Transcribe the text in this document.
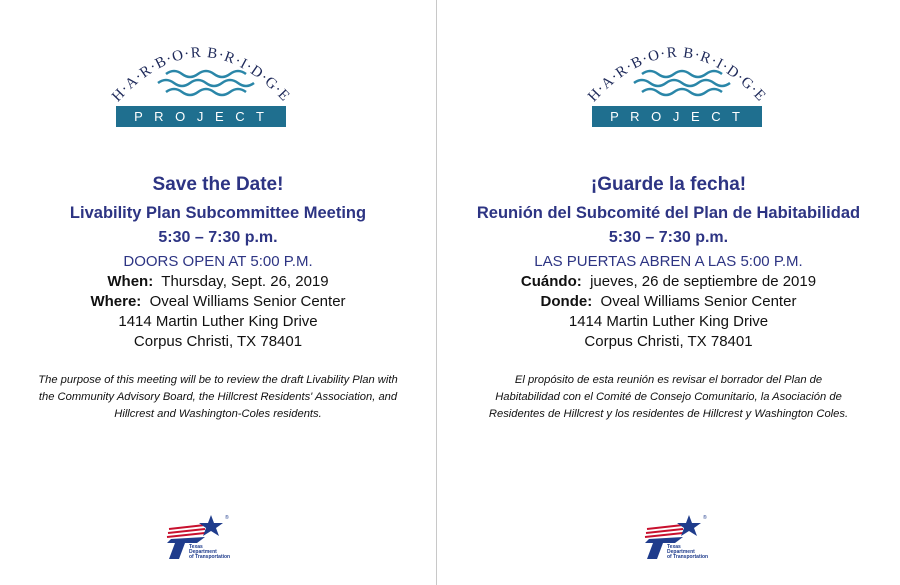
H·A·R·B·O·R B·R·I·D·G·E
P R O J E C T
Save the Date!
Livability Plan Subcommittee Meeting
5:30 – 7:30 p.m.
DOORS OPEN AT 5:00 P.M.
When: Thursday, Sept. 26, 2019
Where: Oveal Williams Senior Center
1414 Martin Luther King Drive
Corpus Christi, TX 78401
The purpose of this meeting will be to review the draft Livability Plan with the Community Advisory Board, the Hillcrest Residents' Association, and Hillcrest and Washington-Coles residents.
®
Texas
Department
of Transportation
H·A·R·B·O·R B·R·I·D·G·E
P R O J E C T
¡Guarde la fecha!
Reunión del Subcomité del Plan de Habitabilidad
5:30 – 7:30 p.m.
LAS PUERTAS ABREN A LAS 5:00 P.M.
Cuándo: jueves, 26 de septiembre de 2019
Donde: Oveal Williams Senior Center
1414 Martin Luther King Drive
Corpus Christi, TX 78401
El propósito de esta reunión es revisar el borrador del Plan de Habitabilidad con el Comité de Consejo Comunitario, la Asociación de Residentes de Hillcrest y los residentes de Hillcrest y Washington Coles.
®
Texas
Department
of Transportation
